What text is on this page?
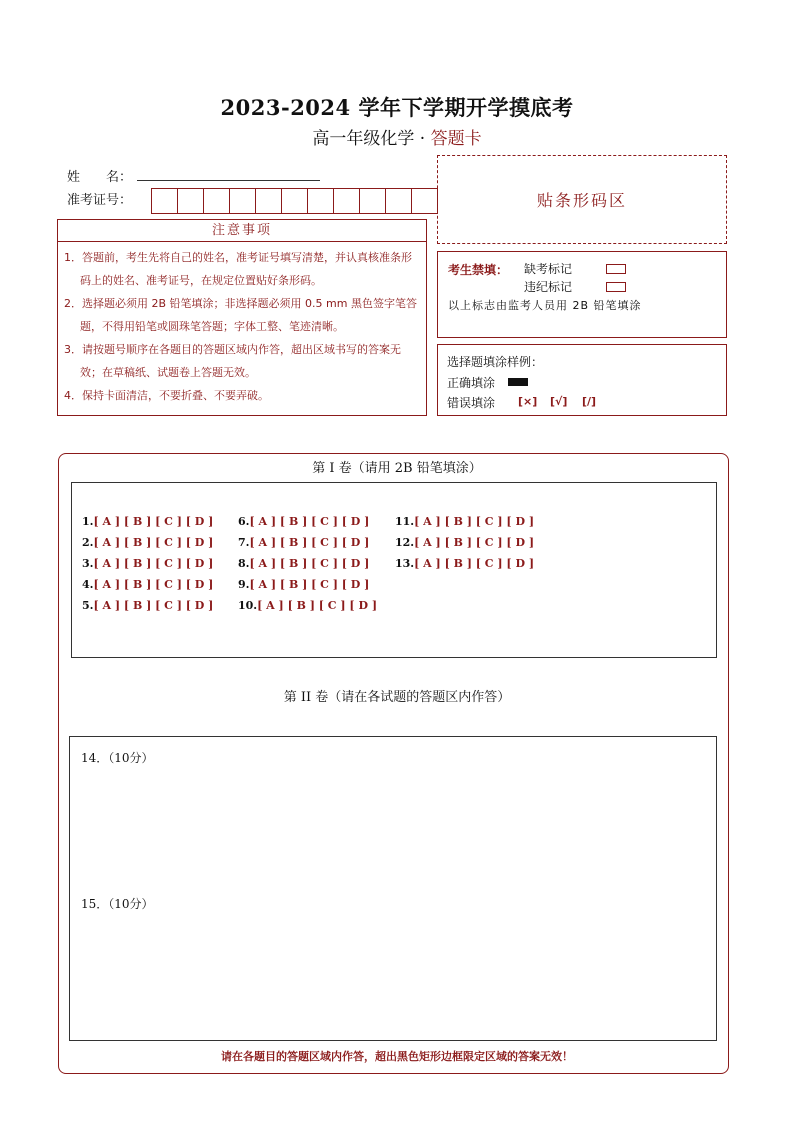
2023-2024 学年下学期开学摸底考
高一年级化学 · 答题卡
姓　　名：
准考证号：	贴条形码区
注意事项

1．答题前，考生先将自己的姓名，准考证号填写清楚，并认真核准条形码上的姓名、准考证号，在规定位置贴好条形码。

2．选择题必须用 2B 铅笔填涂；非选择题必须用 0.5 mm 黑色签字笔答题，不得用铅笔或圆珠笔答题；字体工整、笔迹清晰。

3．请按题号顺序在各题目的答题区域内作答，超出区域书写的答案无效；在草稿纸、试题卷上答题无效。

4．保持卡面清洁，不要折叠、不要弄破。

考生禁填： 缺考标记
违纪标记
以上标志由监考人员用 2B 铅笔填涂
选择题填涂样例：
正确填涂
错误填涂 [×] [√] [/]
第 I 卷（请用 2B 铅笔填涂）
1.[ A ] [ B ] [ C ] [ D ]
2.[ A ] [ B ] [ C ] [ D ]
3.[ A ] [ B ] [ C ] [ D ]
4.[ A ] [ B ] [ C ] [ D ]
5.[ A ] [ B ] [ C ] [ D ]
6.[ A ] [ B ] [ C ] [ D ]
7.[ A ] [ B ] [ C ] [ D ]
8.[ A ] [ B ] [ C ] [ D ]
9.[ A ] [ B ] [ C ] [ D ]
10.[ A ] [ B ] [ C ] [ D ]
11.[ A ] [ B ] [ C ] [ D ]
12.[ A ] [ B ] [ C ] [ D ]
13.[ A ] [ B ] [ C ] [ D ]
第 II 卷（请在各试题的答题区内作答）
14．（10分）
15．（10分）
请在各题目的答题区域内作答，超出黑色矩形边框限定区域的答案无效！
